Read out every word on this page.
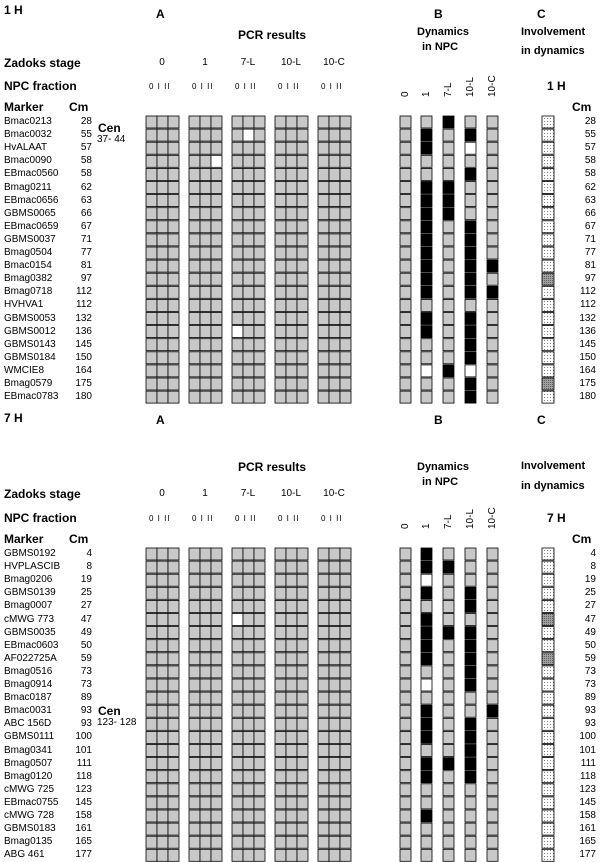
1 H	A	B	C
PCR results	Dynamics
in NPC
Involvement
in dynamics
Zadoks stage
NPC fraction	1 H
Marker Cm	Cm
Cen
37- 44
7 H	A	B	C
PCR results	Dynamics
in NPC
Involvement
in dynamics
Zadoks stage
NPC fraction	7 H
Marker Cm	Cm
Cen
123- 128
0
0 I II
1
0 I II
7-L
0 I II
10-L
0 I II
10-C
0 I II
0 1 7-L 10-L 10-C
Bmac0213	28	28
Bmac0032	55	55
HvALAAT	57	57
Bmac0090	58	58
EBmac0560	58	58
Bmag0211	62	62
EBmac0656	63	63
GBMS0065	66	66
EBmac0659	67	67
GBMS0037	71	71
Bmag0504	77	77
Bmac0154	81	81
Bmag0382	97	97
Bmag0718	112	112
HVHVA1	112	112
GBMS0053	132	132
GBMS0012	136	136
GBMS0143	145	145
GBMS0184	150	150
WMCIE8	164	164
Bmag0579	175	175
EBmac0783	180	180
0
0 I II
1
0 I II
7-L
0 I II
10-L
0 I II
10-C
0 I II
0 1 7-L 10-L 10-C
GBMS0192	4	4
HVPLASCIB	8	8
Bmag0206	19	19
GBMS0139	25	25
Bmag0007	27	27
cMWG 773	47	47
GBMS0035	49	49
EBmac0603	50	50
AF022725A	59	59
Bmag0516	73	73
Bmag0914	73	73
Bmac0187	89	89
Bmac0031	93	93
ABC 156D	93	93
GBMS0111	100	100
Bmag0341	101	101
Bmag0507	111	111
Bmag0120	118	118
cMWG 725	123	123
EBmac0755	145	145
cMWG 728	158	158
GBMS0183	161	161
Bmag0135	165	165
ABG 461	177	177
